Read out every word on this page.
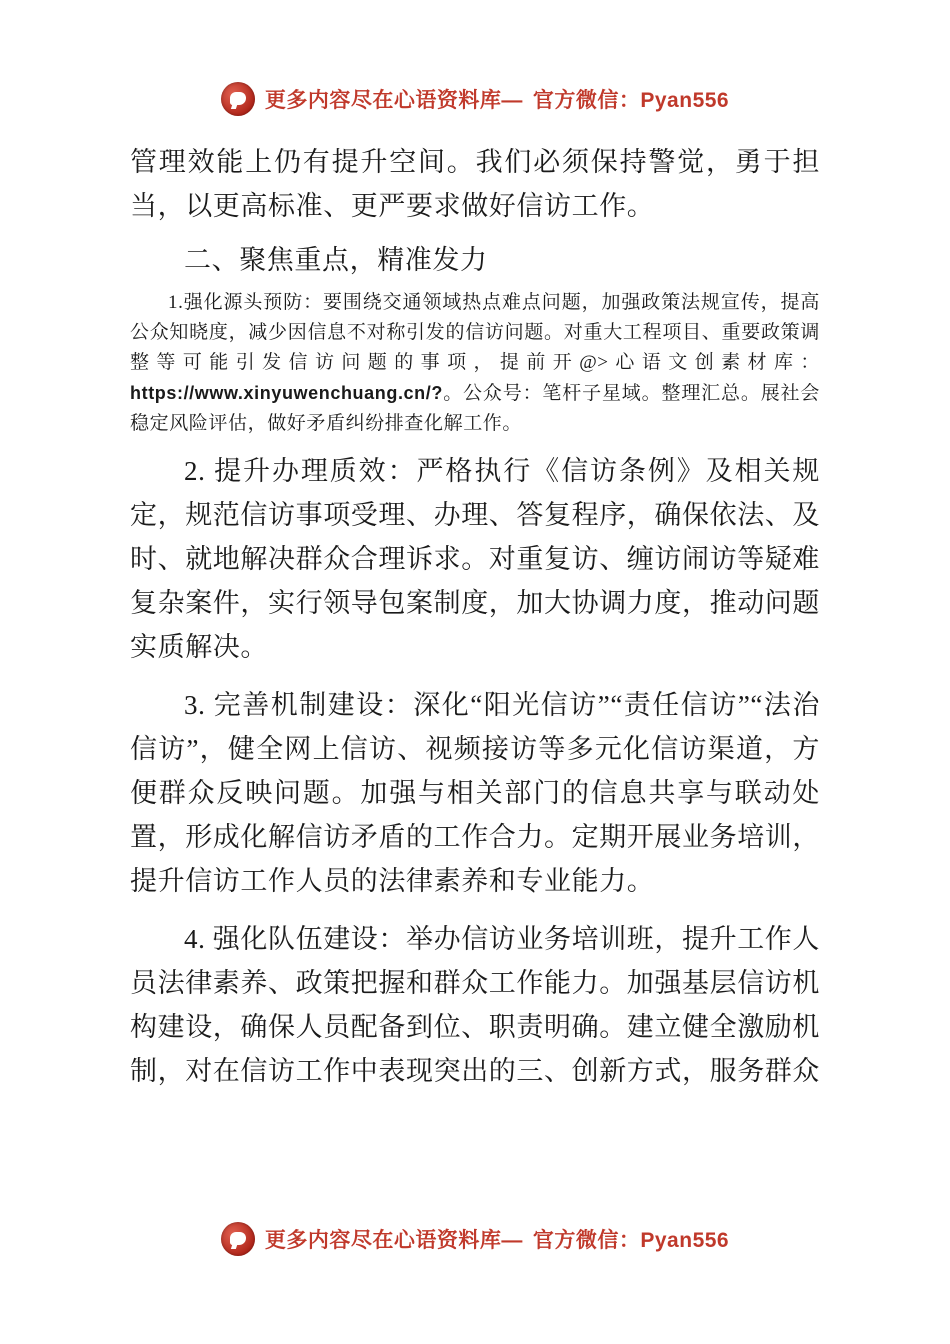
更多内容尽在心语资料库— 官方微信：Pyan556

管理效能上仍有提升空间。我们必须保持警觉，勇于担当，以更高标准、更严要求做好信访工作。

二、聚焦重点，精准发力

1.强化源头预防：要围绕交通领域热点难点问题，加强政策法规宣传，提高公众知晓度，减少因信息不对称引发的信访问题。对重大工程项目、重要政策调整等可能引发信访问题的事项，提前开@>心语文创素材库：https://www.xinyuwenchuang.cn/?。公众号：笔杆子星域。整理汇总。展社会稳定风险评估，做好矛盾纠纷排查化解工作。

2. 提升办理质效：严格执行《信访条例》及相关规定，规范信访事项受理、办理、答复程序，确保依法、及时、就地解决群众合理诉求。对重复访、缠访闹访等疑难复杂案件，实行领导包案制度，加大协调力度，推动问题实质解决。

3. 完善机制建设：深化“阳光信访”“责任信访”“法治信访”，健全网上信访、视频接访等多元化信访渠道，方便群众反映问题。加强与相关部门的信息共享与联动处置，形成化解信访矛盾的工作合力。定期开展业务培训，提升信访工作人员的法律素养和专业能力。

4. 强化队伍建设：举办信访业务培训班，提升工作人员法律素养、政策把握和群众工作能力。加强基层信访机构建设，确保人员配备到位、职责明确。建立健全激励机制，对在信访工作中表现突出的三、创新方式，服务群众

更多内容尽在心语资料库— 官方微信：Pyan556
